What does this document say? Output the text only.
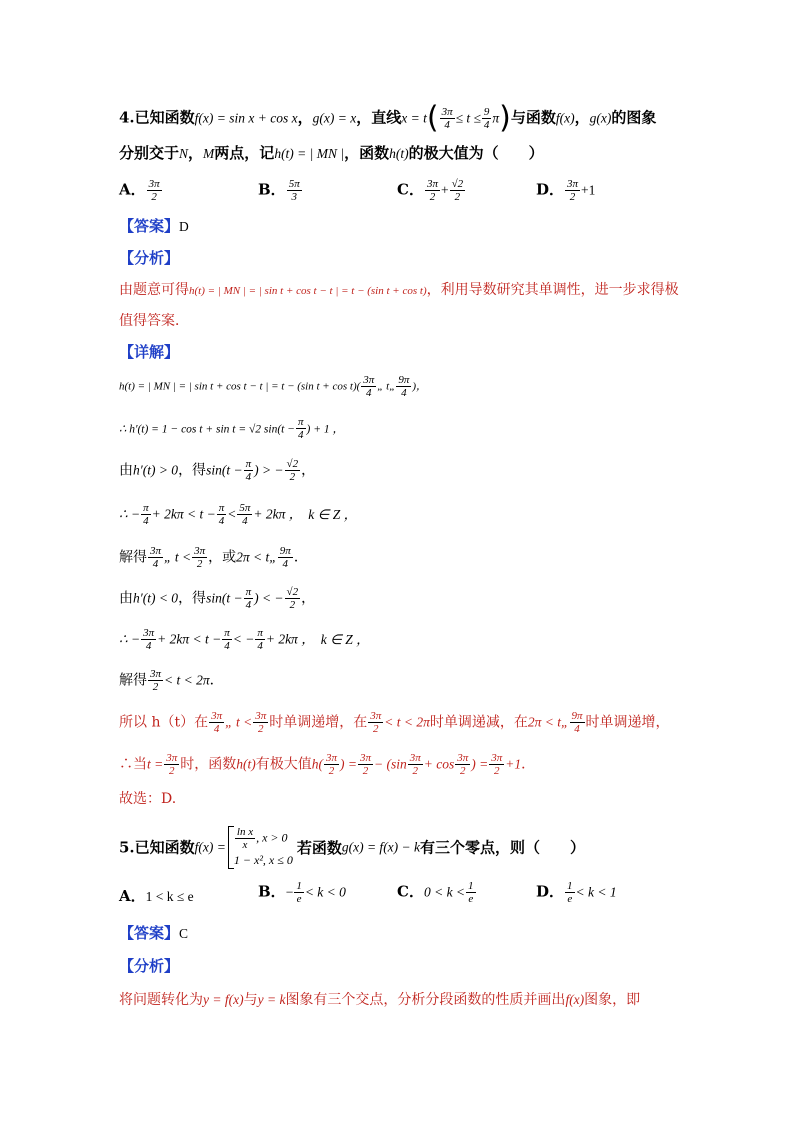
4.已知函数f(x) = sin x + cos x，g(x) = x，直线$x = t( \frac{3\pi}{4} \le t \le \frac{9}{4} \pi)$与函数f(x)，g(x)的图象
分别交于N，M两点，记h(t) = | MN |，函数h(t)的极大值为（　　）
A． $\frac{3\pi}{2}$	B． $\frac{5\pi}{3}$	C． $\frac{3\pi}{2} + \frac{√2}{2}$	D． $\frac{3\pi}{2} +1$
【答案】D
【分析】
由题意可得h(t) = | MN | = | sin t + cos t − t | = t − (sin t + cos t)，利用导数研究其单调性，进一步求得极
值得答案．
【详解】
h(t) = | MN | = | sin t + cos t − t | = t − (sin $t + \cos t)( \frac{3\pi}{4}$ „ t„ $\frac{9\pi}{4}$ )，
∴ h′(t) = 1 − cos t + sin t = √2 $\sin(t - \frac{\pi}{4}$ ) + 1 ，
由h′(t) > 0，得$\sin(t - \frac{\pi}{4}$ ) > − $\frac{√2}{2}$ ，
∴ − $\frac{\pi}{4} + 2k\pi < t - \frac{\pi}{4} < \frac{5\pi}{4} + 2k\pi$ ， k ∈ Z ，
解得 $\frac{3\pi}{4}$ „ $t < \frac{3\pi}{2}$ ，或2π < t„ $\frac{9\pi}{4}$ ．
由h′(t) < 0，得$\sin(t - \frac{\pi}{4}$ ) < − $\frac{√2}{2}$ ，
∴ − $\frac{3\pi}{4} + 2k\pi < t - \frac{\pi}{4}$ < − $\frac{\pi}{4} + 2k\pi$ ， k ∈ Z ，
解得 $\frac{3\pi}{2} < t < 2\pi$．
所以 h（t）在 $\frac{3\pi}{4}$ „ $t < \frac{3\pi}{2}$ 时单调递增，在 $\frac{3\pi}{2} < t < 2\pi$时单调递减，在2π < t„ $\frac{9\pi}{4}$ 时单调递增，
∴当$t = \frac{3\pi}{2}$ 时，函数h(t)有极大值$h( \frac{3\pi}{2}$ ) = $\frac{3\pi}{2} - (\sin \frac{3\pi}{2} + \cos \frac{3\pi}{2}$ ) = $\frac{3\pi}{2} +1$．
故选：D.
5.已知函数$f(x) = \frac{\text{ln x}}{x}$ , x > 0
1 − x², x ≤ 0
若函数g(x) = f(x) − k有三个零点，则（　　）
A．1 < k ≤ e	B．− $\frac{1}{e} < k < 0$	C．$0 < k < \frac{1}{e}$	D． $\frac{1}{e} < k < 1$
【答案】C
【分析】
将问题转化为y = f(x)与y = k图象有三个交点，分析分段函数的性质并画出f(x)图象，即
